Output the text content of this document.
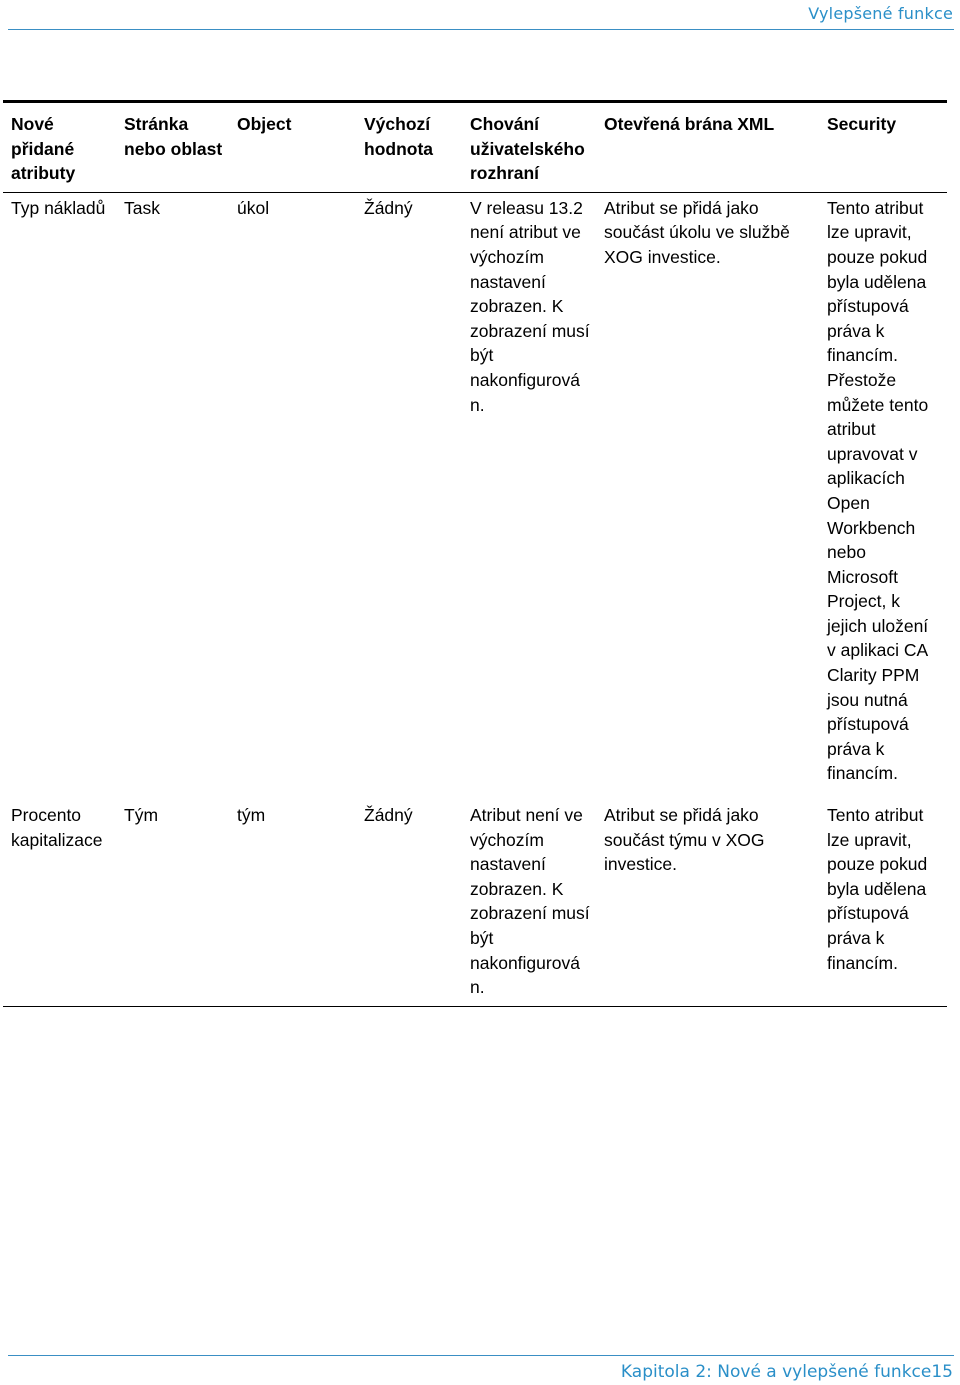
Vylepšené funkce
Nové přidané atributy	Stránka nebo oblast	Object	Výchozí hodnota	Chování uživatelského rozhraní	Otevřená brána XML	Security
Typ nákladů	Task	úkol	Žádný	V releasu 13.2 není atribut ve výchozím nastavení zobrazen. K zobrazení musí být nakonfigurová n.	Atribut se přidá jako součást úkolu ve službě XOG investice.	Tento atribut lze upravit, pouze pokud byla udělena přístupová práva k financím. Přestože můžete tento atribut upravovat v aplikacích Open Workbench nebo Microsoft Project, k jejich uložení v aplikaci CA Clarity PPM jsou nutná přístupová práva k financím.
Procento kapitalizace	Tým	tým	Žádný	Atribut není ve výchozím nastavení zobrazen. K zobrazení musí být nakonfigurová n.	Atribut se přidá jako součást týmu v XOG investice.	Tento atribut lze upravit, pouze pokud byla udělena přístupová práva k financím.
Kapitola 2: Nové a vylepšené funkce15
